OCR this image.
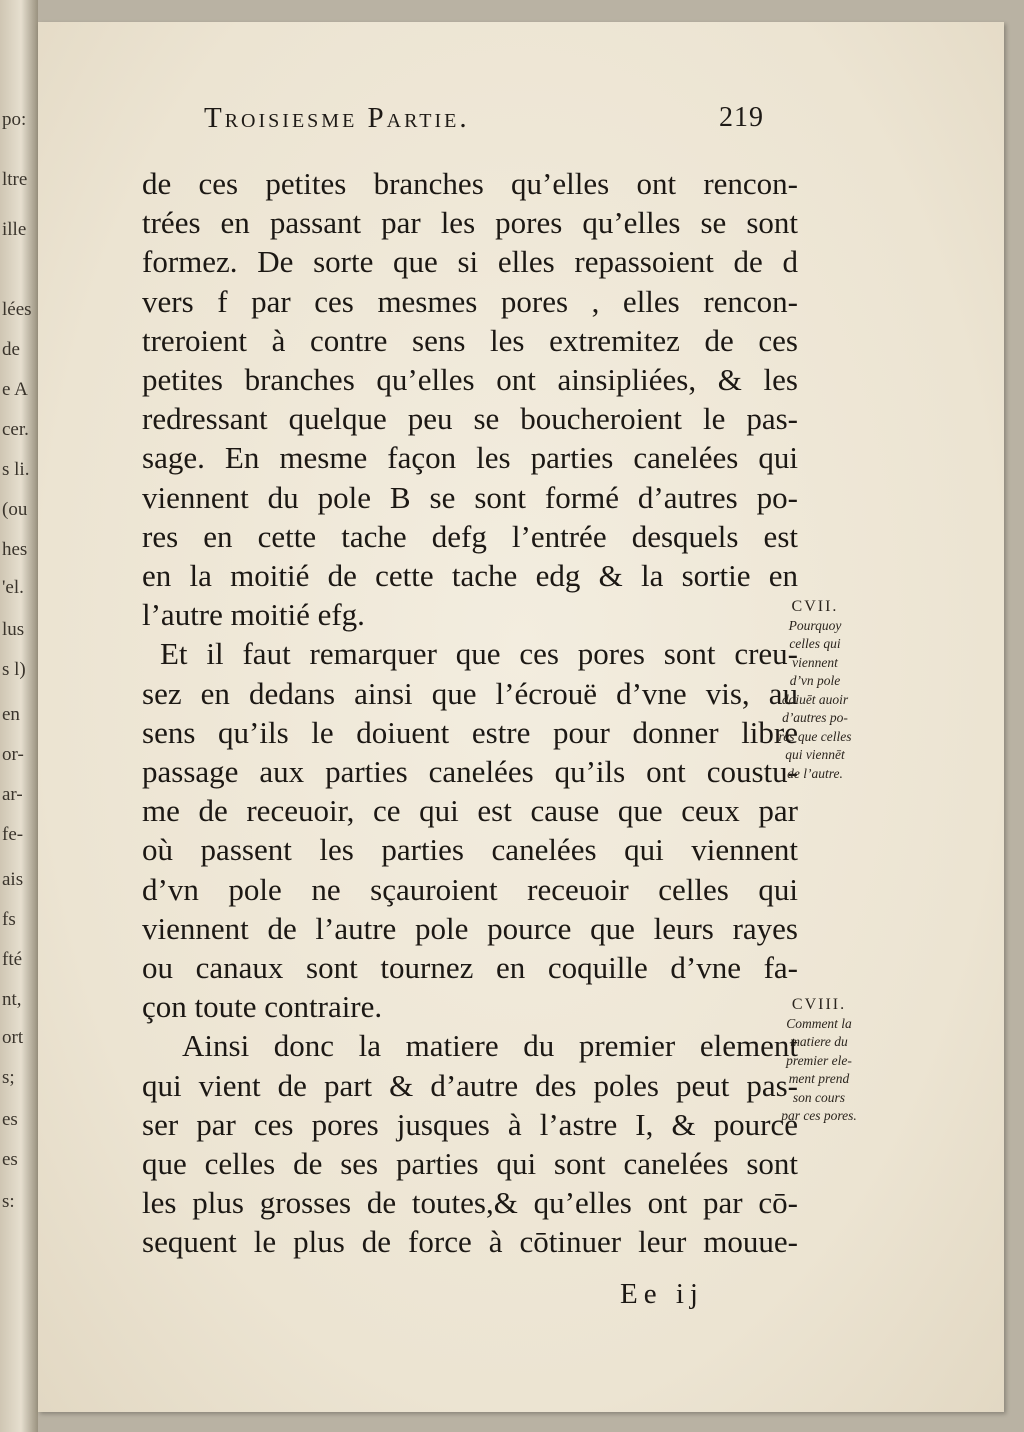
po:
ltre
ille
lées
de
e A
cer.
s li.
(ou
hes
'el.
lus
s l)
en
or-
ar-
fe-
ais
fs
fté
nt,
ort
s;
es
es
s:
Troisiesme Partie.	219
de ces petites branches qu’elles ont rencon-
trées en passant par les pores qu’elles se sont
formez. De sorte que si elles repassoient de d
vers f par ces mesmes pores , elles rencon-
treroient à contre sens les extremitez de ces
petites branches qu’elles ont ainsipliées, & les
redressant quelque peu se boucheroient le pas-
sage. En mesme façon les parties canelées qui
viennent du pole B se sont formé d’autres po-
res en cette tache defg l’entrée desquels est
en la moitié de cette tache edg & la sortie en
l’autre moitié efg.
Et il faut remarquer que ces pores sont creu-
sez en dedans ainsi que l’écrouë d’vne vis, au
sens qu’ils le doiuent estre pour donner libre
passage aux parties canelées qu’ils ont coustu-
me de receuoir, ce qui est cause que ceux par
où passent les parties canelées qui viennent
d’vn pole ne sçauroient receuoir celles qui
viennent de l’autre pole pource que leurs rayes
ou canaux sont tournez en coquille d’vne fa-
çon toute contraire.
Ainsi donc la matiere du premier element
qui vient de part & d’autre des poles peut pas-
ser par ces pores jusques à l’astre I, & pource
que celles de ses parties qui sont canelées sont
les plus grosses de toutes,& qu’elles ont par cō-
sequent le plus de force à cōtinuer leur mouue-
Ee ij
CVII.
Pourquoy
celles qui
viennent
d’vn pole
doiuēt auoir
d’autres po-
res que celles
qui viennēt
de l’autre.
CVIII.
Comment la
matiere du
premier ele-
ment prend
son cours
par ces pores.
